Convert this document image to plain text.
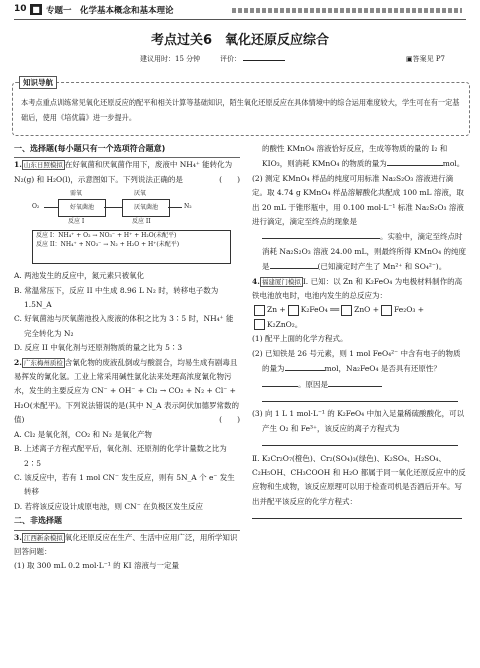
10 ■ 专题一　化学基本概念和基本理论
考点过关6　氧化还原反应综合
建议用时：15 分钟	评价：	▣答案见 P7
知识导航
本考点重点训练常见氧化还原反应的配平和相关计算等基础知识，陌生氧化还原反应在具体情境中的综合运用难度较大，学生可在有一定基础后，使用《培优篇》进一步提升。

一、选择题(每小题只有一个选项符合题意)

1. 山东日照模拟 在好氧菌和厌氧菌作用下，废液中 NH₄⁺ 能转化为 N₂(g) 和 H₂O(l)，示意图如下。下列说法正确的是	(　　)

需氧	厌氧
O₂	好氧菌池	厌氧菌池	N₂
反应 I	反应 II
反应 I：NH₄⁺ + O₂ → NO₃⁻ + H⁺ + H₂O(未配平)
反应 II：NH₄⁺ + NO₃⁻ → N₂ + H₂O + H⁺(未配平)

A. 两池发生的反应中，氮元素只被氧化

B. 常温常压下，反应 II 中生成 8.96 L N₂ 时，转移电子数为 1.5N_A

C. 好氧菌池与厌氧菌池投入废液的体积之比为 3∶5 时，NH₄⁺ 能完全转化为 N₂

D. 反应 II 中氧化剂与还原剂物质的量之比为 5∶3

2. 广东梅州质检 含氰化物的废液乱倒或与酸混合，均易生成有剧毒且易挥发的氰化氢。工业上常采用碱性氯化法来处理高浓度氰化物污水，发生的主要反应为 CN⁻ + OH⁻ + Cl₂ → CO₂ + N₂ + Cl⁻ + H₂O(未配平)。下列说法错误的是(其中 N_A 表示阿伏加德罗常数的值)	(　　)

A. Cl₂ 是氧化剂，CO₂ 和 N₂ 是氧化产物

B. 上述离子方程式配平后，氧化剂、还原剂的化学计量数之比为 2∶5

C. 该反应中，若有 1 mol CN⁻ 发生反应，则有 5N_A 个 e⁻ 发生转移

D. 若将该反应设计成原电池，则 CN⁻ 在负极区发生反应

二、非选择题

3. 江西新余模拟 氧化还原反应在生产、生活中应用广泛，用所学知识回答问题：

(1) 取 300 mL 0.2 mol·L⁻¹ 的 KI 溶液与一定量

的酸性 KMnO₄ 溶液恰好反应，生成等物质的量的 I₂ 和 KIO₃，则消耗 KMnO₄ 的物质的量为	mol。

(2) 测定 KMnO₄ 样品的纯度可用标准 Na₂S₂O₃ 溶液进行滴定。取 4.74 g KMnO₄ 样品溶解酸化共配成 100 mL 溶液，取出 20 mL 于锥形瓶中，用 0.100 mol·L⁻¹ 标准 Na₂S₂O₃ 溶液进行滴定，滴定至终点的现象是

。实验中，滴定至终点时消耗 Na₂S₂O₃ 溶液 24.00 mL，则最终所得 KMnO₄ 的纯度是	(已知滴定时产生了 Mn²⁺ 和 SO₄²⁻)。

4. 福建厦门模拟 Ⅰ. 已知：以 Zn 和 K₂FeO₄ 为电极材料制作的高铁电池放电时，电池内发生的总反应为：

Zn + K₂FeO₄ ══ ZnO + Fe₂O₃ +
K₂ZnO₂。

(1) 配平上面的化学方程式。

(2) 已知铁是 26 号元素，则 1 mol FeO₄²⁻ 中含有电子的物质的量为	mol，Na₂FeO₄ 是否具有还原性？。原因是

(3) 向 1 L 1 mol·L⁻¹ 的 K₂FeO₄ 中加入足量稀硫酸酸化，可以产生 O₂ 和 Fe³⁺，该反应的离子方程式为

Ⅱ. K₂Cr₂O₇(橙色)、Cr₂(SO₄)₃(绿色)、K₂SO₄、H₂SO₄、C₂H₅OH、CH₃COOH 和 H₂O 都属于同一氧化还原反应中的反应物和生成物，该反应原理可以用于检查司机是否酒后开车。写出并配平该反应的化学方程式：
